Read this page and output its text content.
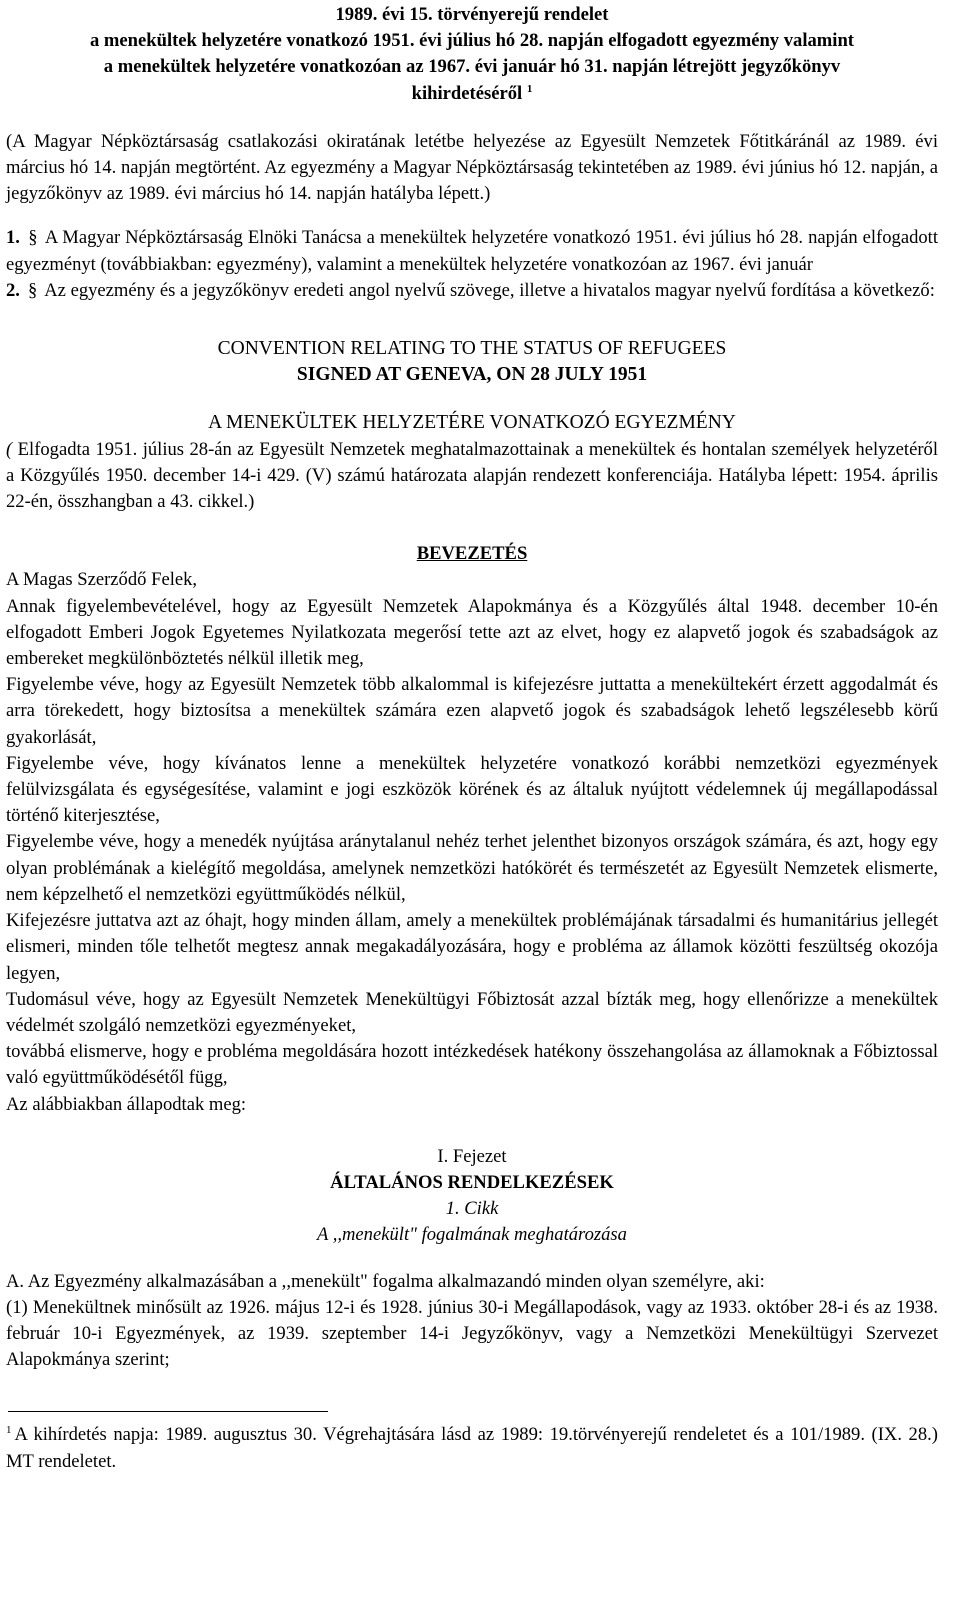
1989. évi 15. törvényerejű rendelet

a menekültek helyzetére vonatkozó 1951. évi július hó 28. napján elfogadott egyezmény valamint

a menekültek helyzetére vonatkozóan az 1967. évi január hó 31. napján létrejött jegyzőkönyv

kihirdetéséről $^1$

(A Magyar Népköztársaság csatlakozási okiratának letétbe helyezése az Egyesült Nemzetek Főtitkáránál az 1989. évi március hó 14. napján megtörtént. Az egyezmény a Magyar Népköztársaság tekintetében az 1989. évi június hó 12. napján, a jegyzőkönyv az 1989. évi március hó 14. napján hatályba lépett.)

1. § A Magyar Népköztársaság Elnöki Tanácsa a menekültek helyzetére vonatkozó 1951. évi július hó 28. napján elfogadott egyezményt (továbbiakban: egyezmény), valamint a menekültek helyzetére vonatkozóan az 1967. évi január

2. § Az egyezmény és a jegyzőkönyv eredeti angol nyelvű szövege, illetve a hivatalos magyar nyelvű fordítása a következő:

CONVENTION RELATING TO THE STATUS OF REFUGEES

SIGNED AT GENEVA, ON 28 JULY 1951

A MENEKÜLTEK HELYZETÉRE VONATKOZÓ EGYEZMÉNY

( Elfogadta 1951. július 28-án az Egyesült Nemzetek meghatalmazottainak a menekültek és hontalan személyek helyzetéről a Közgyűlés 1950. december 14-i 429. (V) számú határozata alapján rendezett konferenciája. Hatályba lépett: 1954. április 22-én, összhangban a 43. cikkel.)

BEVEZETÉS

A Magas Szerződő Felek,

Annak figyelembevételével, hogy az Egyesült Nemzetek Alapokmánya és a Közgyűlés által 1948. december 10-én elfogadott Emberi Jogok Egyetemes Nyilatkozata megerősí tette azt az elvet, hogy ez alapvető jogok és szabadságok az embereket megkülönböztetés nélkül illetik meg,

Figyelembe véve, hogy az Egyesült Nemzetek több alkalommal is kifejezésre juttatta a menekültekért érzett aggodalmát és arra törekedett, hogy biztosítsa a menekültek számára ezen alapvető jogok és szabadságok lehető legszélesebb körű gyakorlását,

Figyelembe véve, hogy kívánatos lenne a menekültek helyzetére vonatkozó korábbi nemzetközi egyezmények felülvizsgálata és egységesítése, valamint e jogi eszközök körének és az általuk nyújtott védelemnek új megállapodással történő kiterjesztése,

Figyelembe véve, hogy a menedék nyújtása aránytalanul nehéz terhet jelenthet bizonyos országok számára, és azt, hogy egy olyan problémának a kielégítő megoldása, amelynek nemzetközi hatókörét és természetét az Egyesült Nemzetek elismerte, nem képzelhető el nemzetközi együttműködés nélkül,

Kifejezésre juttatva azt az óhajt, hogy minden állam, amely a menekültek problémájának társadalmi és humanitárius jellegét elismeri, minden tőle telhetőt megtesz annak megakadályozására, hogy e probléma az államok közötti feszültség okozója legyen,

Tudomásul véve, hogy az Egyesült Nemzetek Menekültügyi Főbiztosát azzal bízták meg, hogy ellenőrizze a menekültek védelmét szolgáló nemzetközi egyezményeket,

továbbá elismerve, hogy e probléma megoldására hozott intézkedések hatékony összehangolása az államoknak a Főbiztossal való együttműködésétől függ,

Az alábbiakban állapodtak meg:

I. Fejezet

ÁLTALÁNOS RENDELKEZÉSEK

1. Cikk

A ,,menekült" fogalmának meghatározása

A. Az Egyezmény alkalmazásában a ,,menekült" fogalma alkalmazandó minden olyan személyre, aki:

(1) Menekültnek minősült az 1926. május 12-i és 1928. június 30-i Megállapodások, vagy az 1933. október 28-i és az 1938. február 10-i Egyezmények, az 1939. szeptember 14-i Jegyzőkönyv, vagy a Nemzetközi Menekültügyi Szervezet Alapokmánya szerint;

$^1$ A kihírdetés napja: 1989. augusztus 30. Végrehajtására lásd az 1989: 19.törvényerejű rendeletet és a 101/1989. (IX. 28.) MT rendeletet.
